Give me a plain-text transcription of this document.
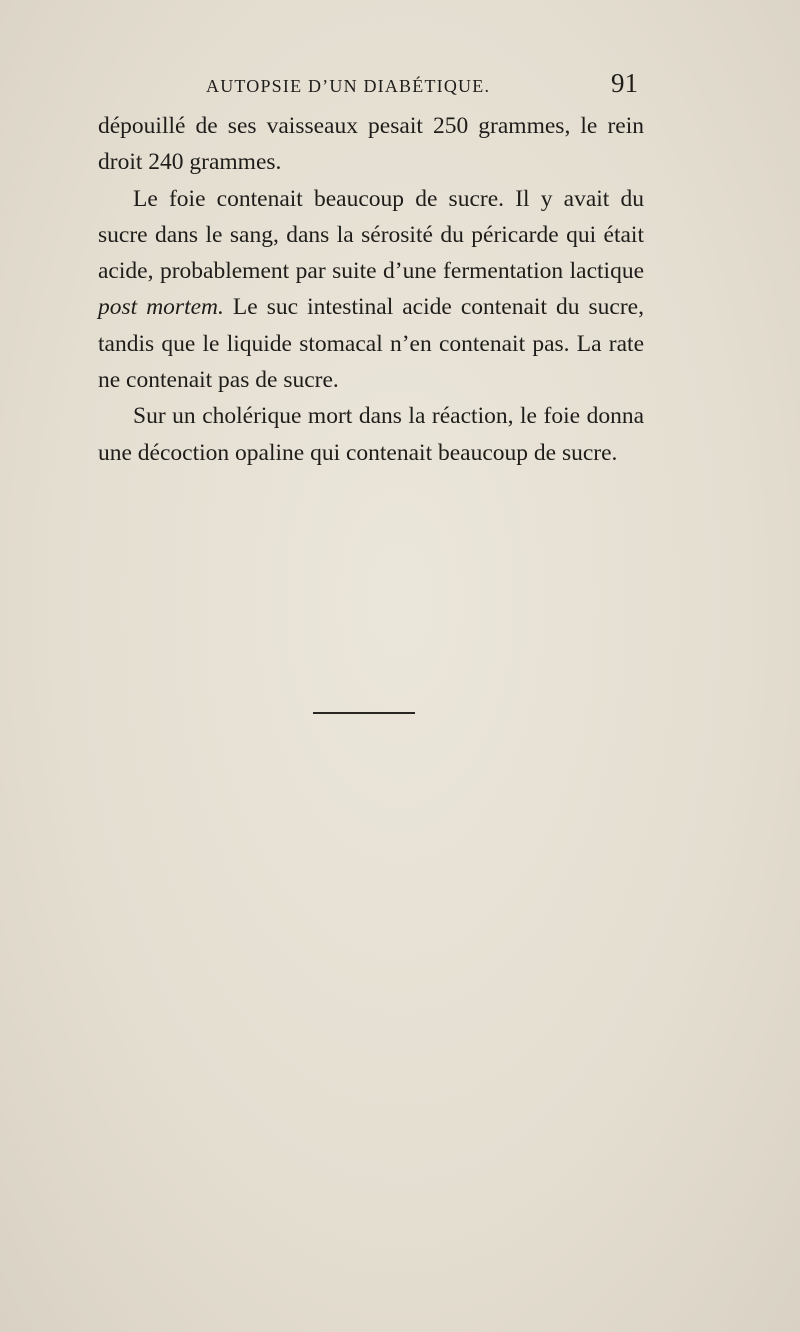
AUTOPSIE D’UN DIABÉTIQUE.	91

dépouillé de ses vaisseaux pesait 250 grammes, le rein droit 240 grammes.

Le foie contenait beaucoup de sucre. Il y avait du sucre dans le sang, dans la sérosité du péricarde qui était acide, probablement par suite d’une fermentation lactique post mortem. Le suc intestinal acide contenait du sucre, tandis que le liquide stomacal n’en contenait pas. La rate ne contenait pas de sucre.

Sur un cholérique mort dans la réaction, le foie donna une décoction opaline qui contenait beaucoup de sucre.
